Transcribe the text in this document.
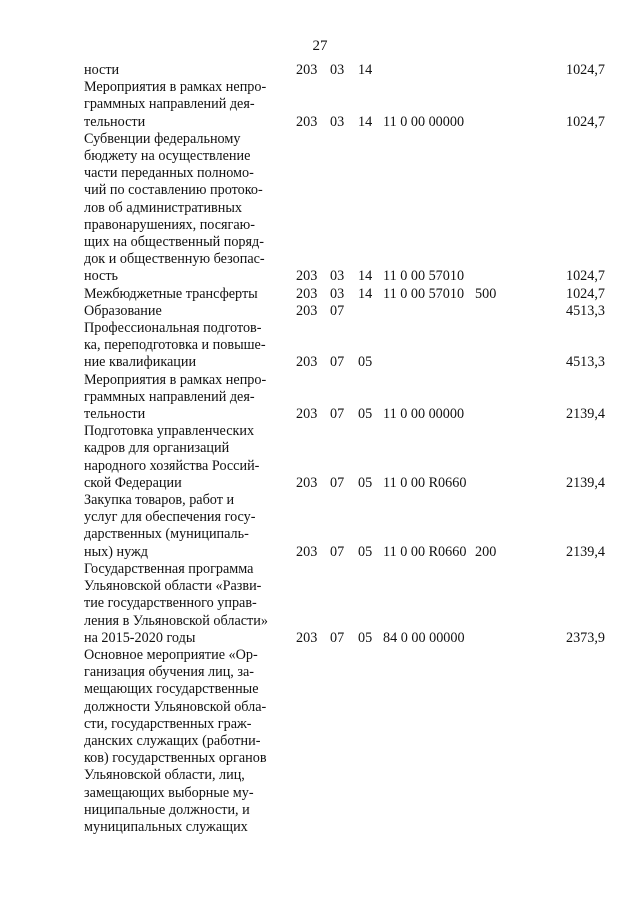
27
ности	203 03 14	1024,7
Мероприятия в рамках непро-
граммных направлений дея-
тельности	203 03 14 11 0 00 00000	1024,7
Субвенции федеральному
бюджету на осуществление
части переданных полномо-
чий по составлению протоко-
лов об административных
правонарушениях, посягаю-
щих на общественный поряд-
док и общественную безопас-
ность	203 03 14 11 0 00 57010	1024,7
Межбюджетные трансферты	203 03 14 11 0 00 57010 500	1024,7
Образование	203 07	4513,3
Профессиональная подготов-
ка, переподготовка и повыше-
ние квалификации	203 07 05	4513,3
Мероприятия в рамках непро-
граммных направлений дея-
тельности	203 07 05 11 0 00 00000	2139,4
Подготовка управленческих
кадров для организаций
народного хозяйства Россий-
ской Федерации	203 07 05 11 0 00 R0660	2139,4
Закупка товаров, работ и
услуг для обеспечения госу-
дарственных (муниципаль-
ных) нужд	203 07 05 11 0 00 R0660 200	2139,4
Государственная программа
Ульяновской области «Разви-
тие государственного управ-
ления в Ульяновской области»
на 2015-2020 годы	203 07 05 84 0 00 00000	2373,9
Основное мероприятие «Ор-
ганизация обучения лиц, за-
мещающих государственные
должности Ульяновской обла-
сти, государственных граж-
данских служащих (работни-
ков) государственных органов
Ульяновской области, лиц,
замещающих выборные му-
ниципальные должности, и
муниципальных служащих
